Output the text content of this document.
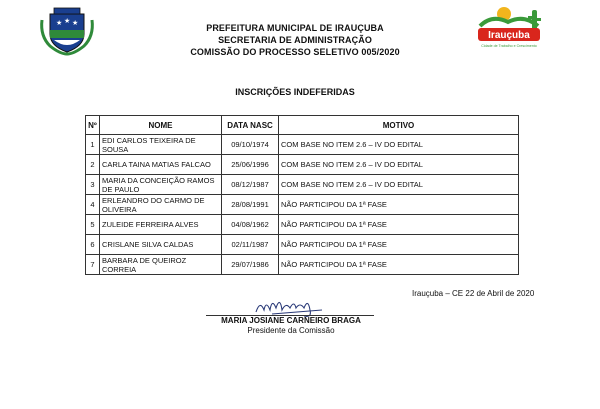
★ ★ ★
Irauçuba
Cidade de Trabalho e Crescimento
PREFEITURA MUNICIPAL DE IRAUÇUBA
SECRETARIA DE ADMINISTRAÇÃO
COMISSÃO DO PROCESSO SELETIVO 005/2020
INSCRIÇÕES INDEFERIDAS
Nº	NOME	DATA NASC	MOTIVO
1	EDI CARLOS TEIXEIRA DE SOUSA	09/10/1974	COM BASE NO ITEM 2.6 – IV DO EDITAL
2	CARLA TAINA MATIAS FALCAO	25/06/1996	COM BASE NO ITEM 2.6 – IV DO EDITAL
3	MARIA DA CONCEIÇÃO RAMOS DE PAULO	08/12/1987	COM BASE NO ITEM 2.6 – IV DO EDITAL
4	ERLEANDRO DO CARMO DE OLIVEIRA	28/08/1991	NÃO PARTICIPOU DA 1ª FASE
5	ZULEIDE FERREIRA ALVES	04/08/1962	NÃO PARTICIPOU DA 1ª FASE
6	CRISLANE SILVA CALDAS	02/11/1987	NÃO PARTICIPOU DA 1ª FASE
7	BARBARA DE QUEIROZ CORREIA	29/07/1986	NÃO PARTICIPOU DA 1ª FASE
Irauçuba – CE 22 de Abril de 2020
MARIA JOSIANE CARNEIRO BRAGA
Presidente da Comissão
